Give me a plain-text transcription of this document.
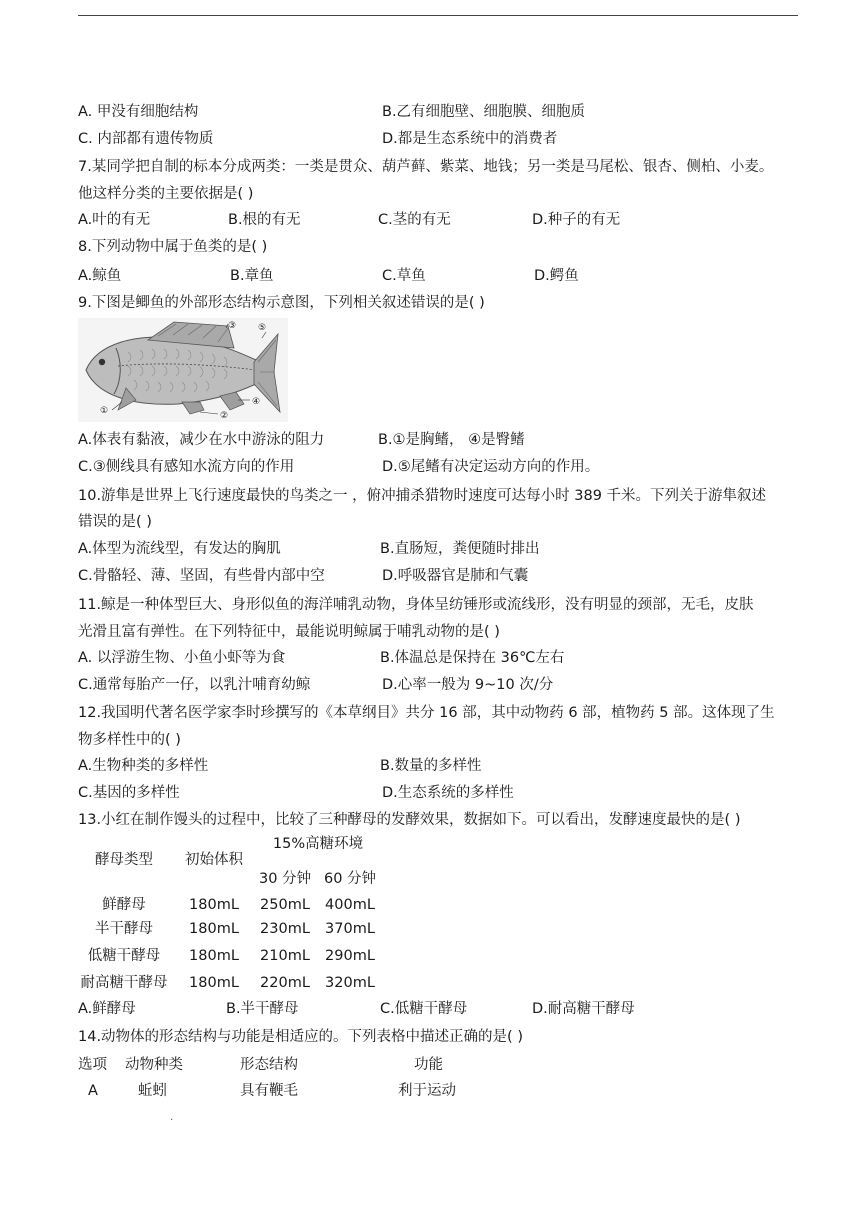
A. 甲没有细胞结构	B.乙有细胞壁、细胞膜、细胞质
C. 内部都有遗传物质	D.都是生态系统中的消费者
7.某同学把自制的标本分成两类：一类是贯众、葫芦藓、紫菜、地钱；另一类是马尾松、银杏、侧柏、小麦。
他这样分类的主要依据是( )
A.叶的有无	B.根的有无	C.茎的有无	D.种子的有无
8.下列动物中属于鱼类的是( )
A.鲸鱼	B.章鱼	C.草鱼	D.鳄鱼
9.下图是鲫鱼的外部形态结构示意图，下列相关叙述错误的是( )
①	②
③
④
⑤
A.体表有黏液，减少在水中游泳的阻力	B.①是胸鳍， ④是臀鳍
C.③侧线具有感知水流方向的作用	D.⑤尾鳍有决定运动方向的作用。
10.游隼是世界上飞行速度最快的鸟类之一 ，俯冲捕杀猎物时速度可达每小时 389 千米。下列关于游隼叙述
错误的是( )
A.体型为流线型，有发达的胸肌	B.直肠短，粪便随时排出
C.骨骼轻、薄、坚固，有些骨内部中空	D.呼吸器官是肺和气囊
11.鲸是一种体型巨大、身形似鱼的海洋哺乳动物，身体呈纺锤形或流线形，没有明显的颈部，无毛，皮肤
光滑且富有弹性。在下列特征中，最能说明鲸属于哺乳动物的是( )
A. 以浮游生物、小鱼小虾等为食	B.体温总是保持在 36℃左右
C.通常每胎产一仔，以乳汁哺育幼鲸	D.心率一般为 9~10 次/分
12.我国明代著名医学家李时珍撰写的《本草纲目》共分 16 部，其中动物药 6 部，植物药 5 部。这体现了生
物多样性中的( )
A.生物种类的多样性	B.数量的多样性
C.基因的多样性	D.生态系统的多样性
13.小红在制作馒头的过程中，比较了三种酵母的发酵效果，数据如下。可以看出，发酵速度最快的是( )
15%高糖环境
酵母类型	初始体积
30 分钟 60 分钟
鲜酵母	180mL	250mL	400mL
半干酵母	180mL	230mL	370mL
低糖干酵母	180mL	210mL	290mL
耐高糖干酵母	180mL	220mL	320mL
A.鲜酵母	B.半干酵母	C.低糖干酵母	D.耐高糖干酵母
14.动物体的形态结构与功能是相适应的。下列表格中描述正确的是( )
选项 动物种类	形态结构	功能
A	蚯蚓	具有鞭毛	利于运动
.
